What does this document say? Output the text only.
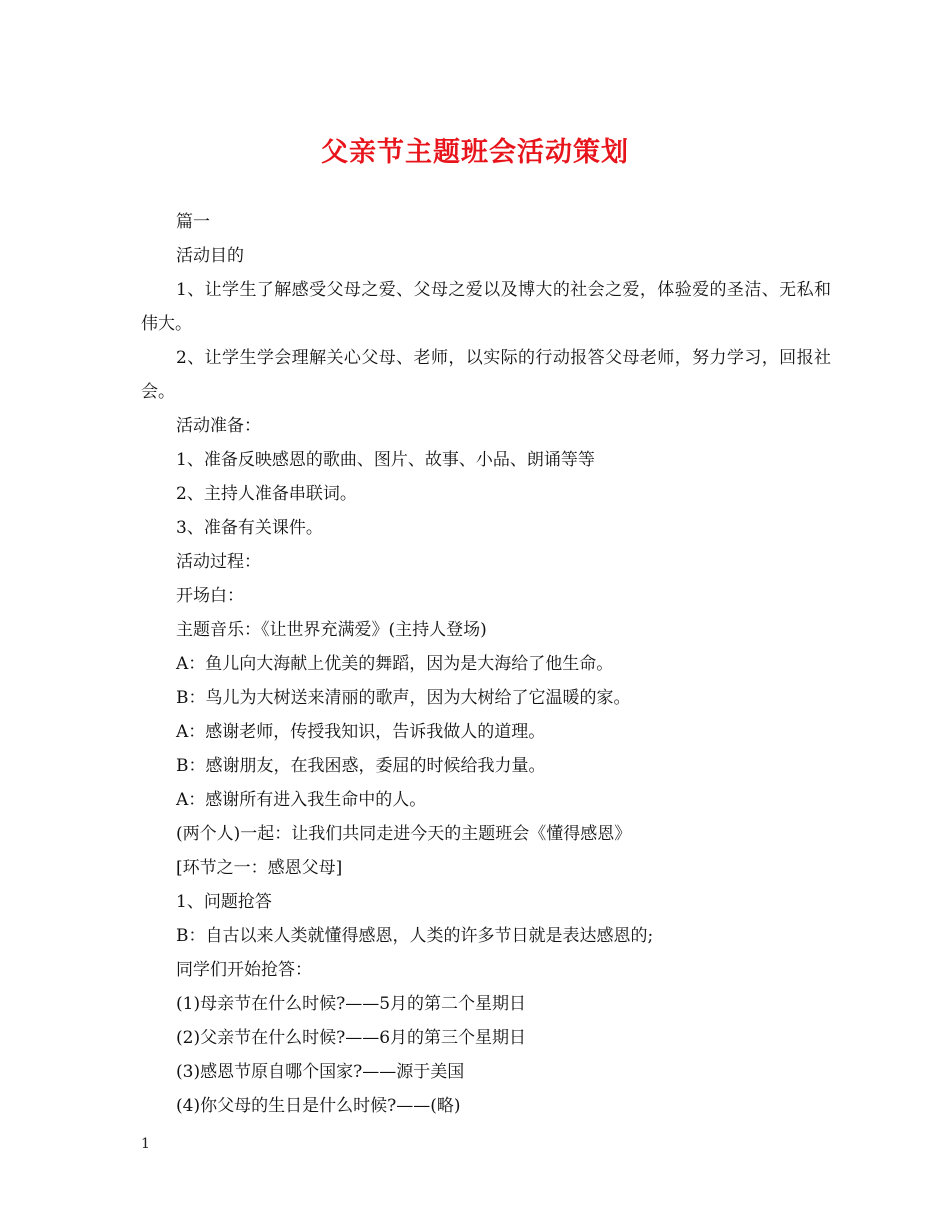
父亲节主题班会活动策划
篇一
活动目的
1、让学生了解感受父母之爱、父母之爱以及博大的社会之爱，体验爱的圣洁、无私和伟大。
2、让学生学会理解关心父母、老师，以实际的行动报答父母老师，努力学习，回报社会。
活动准备：
1、准备反映感恩的歌曲、图片、故事、小品、朗诵等等
2、主持人准备串联词。
3、准备有关课件。
活动过程：
开场白：
主题音乐：《让世界充满爱》(主持人登场)
A：鱼儿向大海献上优美的舞蹈，因为是大海给了他生命。
B：鸟儿为大树送来清丽的歌声，因为大树给了它温暖的家。
A：感谢老师，传授我知识，告诉我做人的道理。
B：感谢朋友，在我困惑，委屈的时候给我力量。
A：感谢所有进入我生命中的人。
(两个人)一起：让我们共同走进今天的主题班会《懂得感恩》
[环节之一：感恩父母]
1、问题抢答
B：自古以来人类就懂得感恩，人类的许多节日就是表达感恩的;
同学们开始抢答：
(1)母亲节在什么时候?——5月的第二个星期日
(2)父亲节在什么时候?——6月的第三个星期日
(3)感恩节原自哪个国家?——源于美国
(4)你父母的生日是什么时候?——(略)
1
